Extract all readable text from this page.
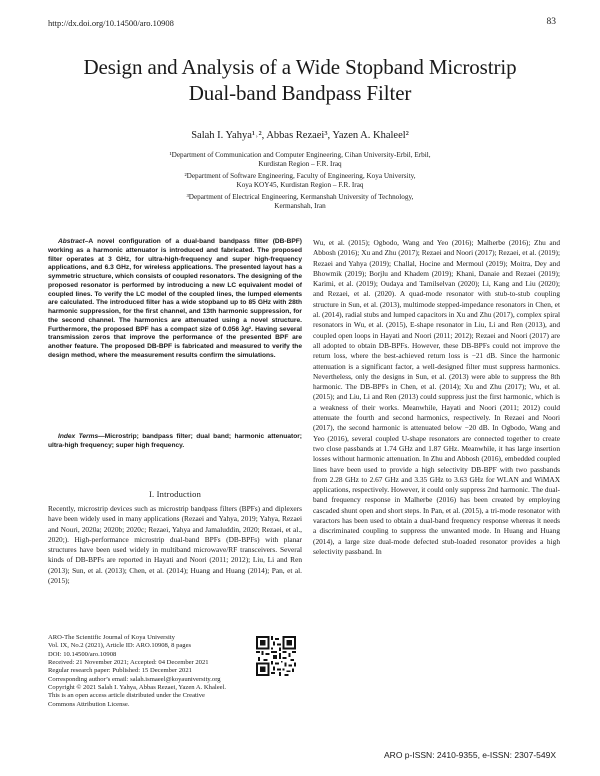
http://dx.doi.org/10.14500/aro.10908	83
Design and Analysis of a Wide Stopband Microstrip
Dual-band Bandpass Filter
Salah I. Yahya¹˒², Abbas Rezaei³, Yazen A. Khaleel²
¹Department of Communication and Computer Engineering, Cihan University-Erbil, Erbil,
Kurdistan Region – F.R. Iraq
²Department of Software Engineering, Faculty of Engineering, Koya University,
Koya KOY45, Kurdistan Region – F.R. Iraq
³Department of Electrical Engineering, Kermanshah University of Technology,
Kermanshah, Iran
Abstract–A novel configuration of a dual-band bandpass filter (DB-BPF) working as a harmonic attenuator is introduced and fabricated. The proposed filter operates at 3 GHz, for ultra-high-frequency and super high-frequency applications, and 6.3 GHz, for wireless applications. The presented layout has a symmetric structure, which consists of coupled resonators. The designing of the proposed resonator is performed by introducing a new LC equivalent model of coupled lines. To verify the LC model of the coupled lines, the lumped elements are calculated. The introduced filter has a wide stopband up to 85 GHz with 28th harmonic suppression, for the first channel, and 13th harmonic suppression, for the second channel. The harmonics are attenuated using a novel structure. Furthermore, the proposed BPF has a compact size of 0.056 λg². Having several transmission zeros that improve the performance of the presented BPF are another feature. The proposed DB-BPF is fabricated and measured to verify the design method, where the measurement results confirm the simulations.
Index Terms—Microstrip; bandpass filter; dual band; harmonic attenuator; ultra-high frequency; super high frequency.
I. Introduction
Recently, microstrip devices such as microstrip bandpass filters (BPFs) and diplexers have been widely used in many applications (Rezaei and Yahya, 2019; Yahya, Rezaei and Nouri, 2020a; 2020b; 2020c; Rezaei, Yahya and Jamaluddin, 2020; Rezaei, et al., 2020;). High-performance microstrip dual-band BPFs (DB-BPFs) with planar structures have been used widely in multiband microwave/RF transceivers. Several kinds of DB-BPFs are reported in Hayati and Noori (2011; 2012); Liu, Li and Ren (2013); Sun, et al. (2013); Chen, et al. (2014); Huang and Huang (2014); Pan, et al. (2015);
ARO-The Scientific Journal of Koya University
Vol. IX, No.2 (2021), Article ID: ARO.10908, 8 pages
DOI: 10.14500/aro.10908
Received: 21 November 2021; Accepted: 04 December 2021
Regular research paper: Published: 15 December 2021
Corresponding author’s email: salah.ismaeel@koyauniversity.org
Copyright © 2021 Salah I. Yahya, Abbas Rezaei, Yazen A. Khaleel.
This is an open access article distributed under the Creative
Commons Attribution License.
Wu, et al. (2015); Ogbodo, Wang and Yeo (2016); Malherbe (2016); Zhu and Abbosh (2016); Xu and Zhu (2017); Rezaei and Noori (2017); Rezaei, et al. (2019); Rezaei and Yahya (2019); Challal, Hocine and Mermoul (2019); Moitra, Dey and Bhowmik (2019); Borjlu and Khadem (2019); Khani, Danaie and Rezaei (2019); Karimi, et al. (2019); Oudaya and Tamilselvan (2020); Li, Kang and Liu (2020); and Rezaei, et al. (2020). A quad-mode resonator with stub-to-stub coupling structure in Sun, et al. (2013), multimode stepped-impedance resonators in Chen, et al. (2014), radial stubs and lumped capacitors in Xu and Zhu (2017), complex spiral resonators in Wu, et al. (2015), E-shape resonator in Liu, Li and Ren (2013), and coupled open loops in Hayati and Noori (2011; 2012); Rezaei and Noori (2017) are all adopted to obtain DB-BPFs. However, these DB-BPFs could not improve the return loss, where the best-achieved return loss is −21 dB. Since the harmonic attenuation is a significant factor, a well-designed filter must suppress harmonics. Nevertheless, only the designs in Sun, et al. (2013) were able to suppress the 8th harmonic. The DB-BPFs in Chen, et al. (2014); Xu and Zhu (2017); Wu, et al. (2015); and Liu, Li and Ren (2013) could suppress just the first harmonic, which is a weakness of their works. Meanwhile, Hayati and Noori (2011; 2012) could attenuate the fourth and second harmonics, respectively. In Rezaei and Noori (2017), the second harmonic is attenuated below −20 dB. In Ogbodo, Wang and Yeo (2016), several coupled U-shape resonators are connected together to create two close passbands at 1.74 GHz and 1.87 GHz. Meanwhile, it has large insertion losses without harmonic attenuation. In Zhu and Abbosh (2016), embedded coupled lines have been used to provide a high selectivity DB-BPF with two passbands from 2.28 GHz to 2.67 GHz and 3.35 GHz to 3.63 GHz for WLAN and WiMAX applications, respectively. However, it could only suppress 2nd harmonic. The dual-band frequency response in Malherbe (2016) has been created by employing cascaded shunt open and short steps. In Pan, et al. (2015), a tri-mode resonator with varactors has been used to obtain a dual-band frequency response whereas it needs a discriminated coupling to suppress the unwanted mode. In Huang and Huang (2014), a large size dual-mode defected stub-loaded resonator provides a high selectivity passband. In
ARO p-ISSN: 2410-9355, e-ISSN: 2307-549X
